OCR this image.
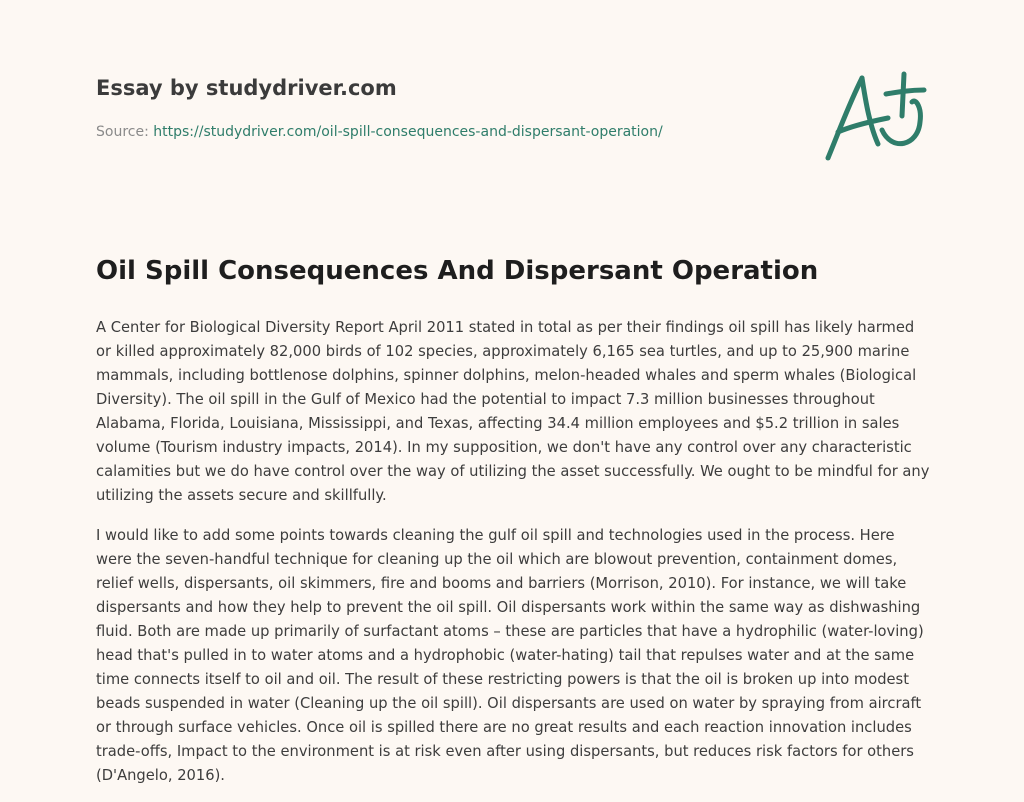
Essay by studydriver.com
Source: https://studydriver.com/oil-spill-consequences-and-dispersant-operation/
Oil Spill Consequences And Dispersant Operation

A Center for Biological Diversity Report April 2011 stated in total as per their findings oil spill has likely harmed
or killed approximately 82,000 birds of 102 species, approximately 6,165 sea turtles, and up to 25,900 marine
mammals, including bottlenose dolphins, spinner dolphins, melon-headed whales and sperm whales (Biological
Diversity). The oil spill in the Gulf of Mexico had the potential to impact 7.3 million businesses throughout
Alabama, Florida, Louisiana, Mississippi, and Texas, affecting 34.4 million employees and $5.2 trillion in sales
volume (Tourism industry impacts, 2014). In my supposition, we don't have any control over any characteristic
calamities but we do have control over the way of utilizing the asset successfully. We ought to be mindful for any
utilizing the assets secure and skillfully.

I would like to add some points towards cleaning the gulf oil spill and technologies used in the process. Here
were the seven-handful technique for cleaning up the oil which are blowout prevention, containment domes,
relief wells, dispersants, oil skimmers, fire and booms and barriers (Morrison, 2010). For instance, we will take
dispersants and how they help to prevent the oil spill. Oil dispersants work within the same way as dishwashing
fluid. Both are made up primarily of surfactant atoms – these are particles that have a hydrophilic (water-loving)
head that's pulled in to water atoms and a hydrophobic (water-hating) tail that repulses water and at the same
time connects itself to oil and oil. The result of these restricting powers is that the oil is broken up into modest
beads suspended in water (Cleaning up the oil spill). Oil dispersants are used on water by spraying from aircraft
or through surface vehicles. Once oil is spilled there are no great results and each reaction innovation includes
trade-offs, Impact to the environment is at risk even after using dispersants, but reduces risk factors for others
(D'Angelo, 2016).
